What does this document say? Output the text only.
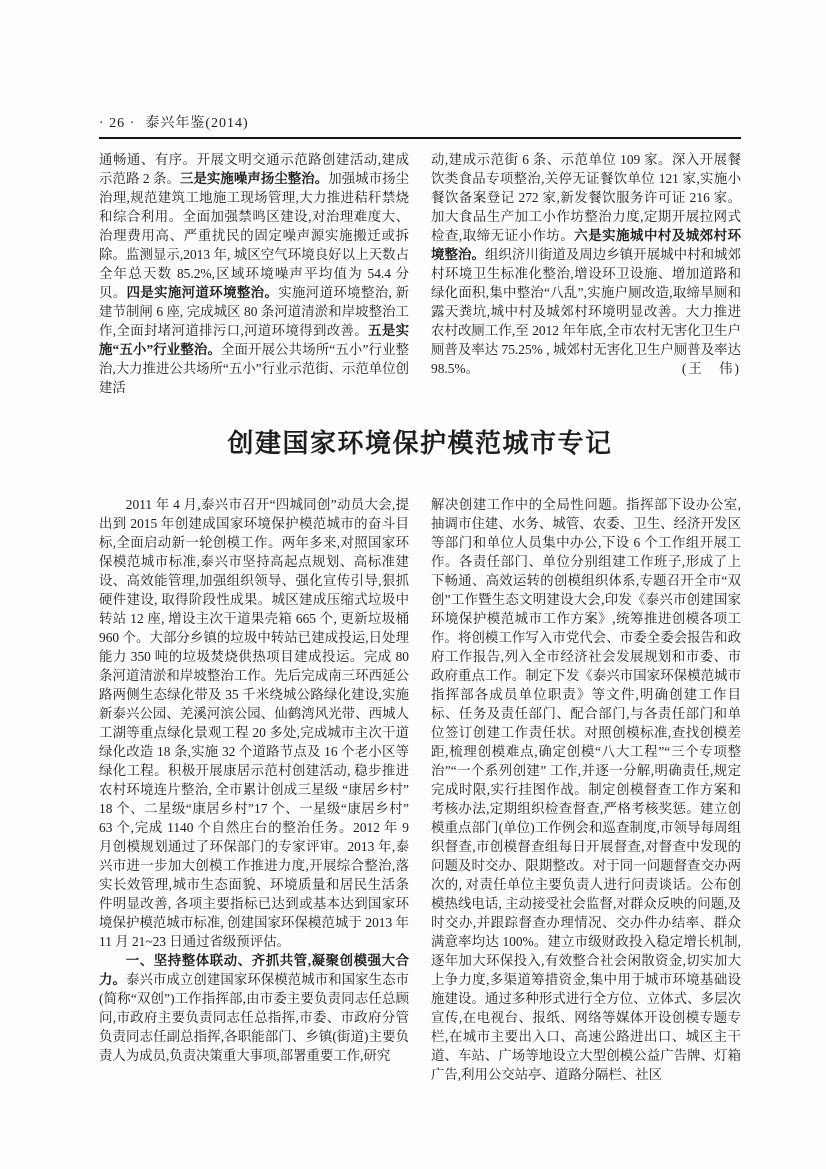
· 26 · 泰兴年鉴(2014)

通畅通、有序。开展文明交通示范路创建活动,建成示范路 2 条。三是实施噪声扬尘整治。加强城市扬尘治理,规范建筑工地施工现场管理,大力推进秸秆禁烧和综合利用。全面加强禁鸣区建设,对治理难度大、治理费用高、严重扰民的固定噪声源实施搬迁或拆除。监测显示,2013 年, 城区空气环境良好以上天数占全年总天数 85.2%,区域环境噪声平均值为 54.4 分贝。四是实施河道环境整治。实施河道环境整治, 新建节制闸 6 座, 完成城区 80 条河道清淤和岸坡整治工作,全面封堵河道排污口,河道环境得到改善。五是实施“五小”行业整治。全面开展公共场所“五小”行业整治,大力推进公共场所“五小”行业示范街、示范单位创建活

动,建成示范街 6 条、示范单位 109 家。深入开展餐饮类食品专项整治,关停无证餐饮单位 121 家,实施小餐饮备案登记 272 家,新发餐饮服务许可证 216 家。加大食品生产加工小作坊整治力度,定期开展拉网式检查,取缔无证小作坊。六是实施城中村及城郊村环境整治。组织济川街道及周边乡镇开展城中村和城郊村环境卫生标准化整治,增设环卫设施、增加道路和绿化面积,集中整治“八乱”,实施户厕改造,取缔旱厕和露天粪坑,城中村及城郊村环境明显改善。大力推进农村改厕工作,至 2012 年年底,全市农村无害化卫生户厕普及率达 75.25% , 城郊村无害化卫生户厕普及率达 98.5%。	(王　伟)

创建国家环境保护模范城市专记

2011 年 4 月,泰兴市召开“四城同创”动员大会,提出到 2015 年创建成国家环境保护模范城市的奋斗目标,全面启动新一轮创模工作。两年多来,对照国家环保模范城市标准,泰兴市坚持高起点规划、高标准建设、高效能管理,加强组织领导、强化宣传引导,狠抓硬件建设, 取得阶段性成果。城区建成压缩式垃圾中转站 12 座, 增设主次干道果壳箱 665 个, 更新垃圾桶 960 个。大部分乡镇的垃圾中转站已建成投运,日处理能力 350 吨的垃圾焚烧供热项目建成投运。完成 80 条河道清淤和岸坡整治工作。先后完成南三环西延公路两侧生态绿化带及 35 千米绕城公路绿化建设,实施新泰兴公园、羌溪河滨公园、仙鹤湾风光带、西城人工湖等重点绿化景观工程 20 多处,完成城市主次干道绿化改造 18 条,实施 32 个道路节点及 16 个老小区等绿化工程。积极开展康居示范村创建活动, 稳步推进农村环境连片整治, 全市累计创成三星级 “康居乡村”18 个、二星级“康居乡村”17 个、一星级“康居乡村”63 个,完成 1140 个自然庄台的整治任务。2012 年 9 月创模规划通过了环保部门的专家评审。2013 年,泰兴市进一步加大创模工作推进力度,开展综合整治,落实长效管理,城市生态面貌、环境质量和居民生活条件明显改善, 各项主要指标已达到或基本达到国家环境保护模范城市标准, 创建国家环保模范城于 2013 年 11 月 21~23 日通过省级预评估。

一、坚持整体联动、齐抓共管,凝聚创模强大合力。泰兴市成立创建国家环保模范城市和国家生态市(简称“双创”)工作指挥部,由市委主要负责同志任总顾问,市政府主要负责同志任总指挥,市委、市政府分管负责同志任副总指挥,各职能部门、乡镇(街道)主要负责人为成员,负责决策重大事项,部署重要工作,研究

解决创建工作中的全局性问题。指挥部下设办公室,抽调市住建、水务、城管、农委、卫生、经济开发区等部门和单位人员集中办公,下设 6 个工作组开展工作。各责任部门、单位分别组建工作班子,形成了上下畅通、高效运转的创模组织体系,专题召开全市“双创”工作暨生态文明建设大会,印发《泰兴市创建国家环境保护模范城市工作方案》,统筹推进创模各项工作。将创模工作写入市党代会、市委全委会报告和政府工作报告,列入全市经济社会发展规划和市委、市政府重点工作。制定下发《泰兴市国家环保模范城市指挥部各成员单位职责》等文件,明确创建工作目标、任务及责任部门、配合部门,与各责任部门和单位签订创建工作责任状。对照创模标准,查找创模差距,梳理创模难点,确定创模“八大工程”“三个专项整治”“一个系列创建” 工作,并逐一分解,明确责任,规定完成时限,实行挂图作战。制定创模督查工作方案和考核办法,定期组织检查督查,严格考核奖惩。建立创模重点部门(单位)工作例会和巡查制度,市领导每周组织督查,市创模督查组每日开展督查,对督查中发现的问题及时交办、限期整改。对于同一问题督查交办两次的, 对责任单位主要负责人进行问责谈话。公布创模热线电话, 主动接受社会监督,对群众反映的问题,及时交办,并跟踪督查办理情况、交办件办结率、群众满意率均达 100%。建立市级财政投入稳定增长机制,逐年加大环保投入,有效整合社会闲散资金,切实加大上争力度,多渠道筹措资金,集中用于城市环境基础设施建设。通过多种形式进行全方位、立体式、多层次宣传,在电视台、报纸、网络等媒体开设创模专题专栏,在城市主要出入口、高速公路进出口、城区主干道、车站、广场等地设立大型创模公益广告牌、灯箱广告,利用公交站亭、道路分隔栏、社区
